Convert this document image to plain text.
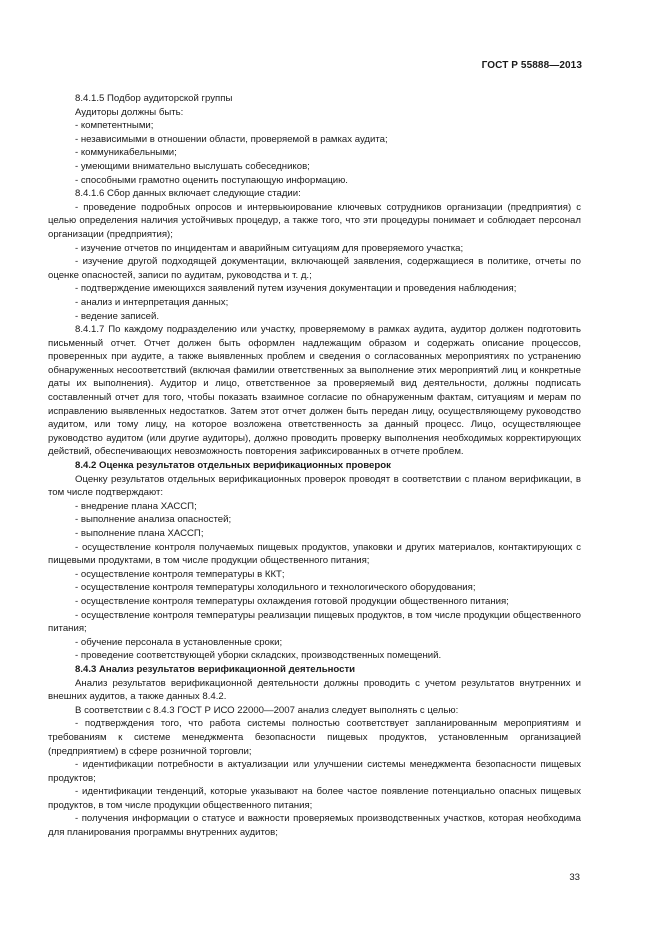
ГОСТ Р 55888—2013

8.4.1.5 Подбор аудиторской группы

Аудиторы должны быть:

- компетентными;

- независимыми в отношении области, проверяемой в рамках аудита;

- коммуникабельными;

- умеющими внимательно выслушать собеседников;

- способными грамотно оценить поступающую информацию.

8.4.1.6 Сбор данных включает следующие стадии:

- проведение подробных опросов и интервьюирование ключевых сотрудников организации (предприятия) с целью определения наличия устойчивых процедур, а также того, что эти процедуры понимает и соблюдает персонал организации (предприятия);

- изучение отчетов по инцидентам и аварийным ситуациям для проверяемого участка;

- изучение другой подходящей документации, включающей заявления, содержащиеся в политике, отчеты по оценке опасностей, записи по аудитам, руководства и т. д.;

- подтверждение имеющихся заявлений путем изучения документации и проведения наблюдения;

- анализ и интерпретация данных;

- ведение записей.

8.4.1.7 По каждому подразделению или участку, проверяемому в рамках аудита, аудитор должен подготовить письменный отчет. Отчет должен быть оформлен надлежащим образом и содержать описание процессов, проверенных при аудите, а также выявленных проблем и сведения о согласованных мероприятиях по устранению обнаруженных несоответствий (включая фамилии ответственных за выполнение этих мероприятий лиц и конкретные даты их выполнения). Аудитор и лицо, ответственное за проверяемый вид деятельности, должны подписать составленный отчет для того, чтобы показать взаимное согласие по обнаруженным фактам, ситуациям и мерам по исправлению выявленных недостатков. Затем этот отчет должен быть передан лицу, осуществляющему руководство аудитом, или тому лицу, на которое возложена ответственность за данный процесс. Лицо, осуществляющее руководство аудитом (или другие аудиторы), должно проводить проверку выполнения необходимых корректирующих действий, обеспечивающих невозможность повторения зафиксированных в отчете проблем.

8.4.2 Оценка результатов отдельных верификационных проверок

Оценку результатов отдельных верификационных проверок проводят в соответствии с планом верификации, в том числе подтверждают:

- внедрение плана ХАССП;

- выполнение анализа опасностей;

- выполнение плана ХАССП;

- осуществление контроля получаемых пищевых продуктов, упаковки и других материалов, контактирующих с пищевыми продуктами, в том числе продукции общественного питания;

- осуществление контроля температуры в ККТ;

- осуществление контроля температуры холодильного и технологического оборудования;

- осуществление контроля температуры охлаждения готовой продукции общественного питания;

- осуществление контроля температуры реализации пищевых продуктов, в том числе продукции общественного питания;

- обучение персонала в установленные сроки;

- проведение соответствующей уборки складских, производственных помещений.

8.4.3 Анализ результатов верификационной деятельности

Анализ результатов верификационной деятельности должны проводить с учетом результатов внутренних и внешних аудитов, а также данных 8.4.2.

В соответствии с 8.4.3 ГОСТ Р ИСО 22000—2007 анализ следует выполнять с целью:

- подтверждения того, что работа системы полностью соответствует запланированным мероприятиям и требованиям к системе менеджмента безопасности пищевых продуктов, установленным организацией (предприятием) в сфере розничной торговли;

- идентификации потребности в актуализации или улучшении системы менеджмента безопасности пищевых продуктов;

- идентификации тенденций, которые указывают на более частое появление потенциально опасных пищевых продуктов, в том числе продукции общественного питания;

- получения информации о статусе и важности проверяемых производственных участков, которая необходима для планирования программы внутренних аудитов;

33
